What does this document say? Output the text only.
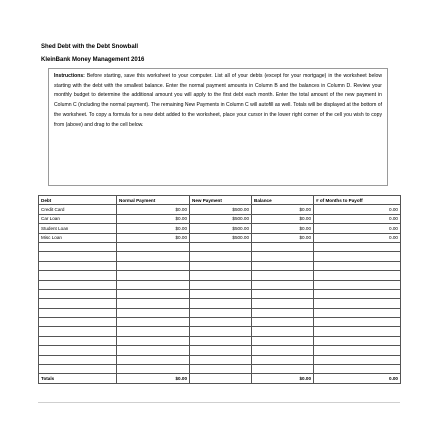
Shed Debt with the Debt Snowball
KleinBank Money Management 2016
Instructions: Before starting, save this worksheet to your computer. List all of your debts (except for your mortgage) in the worksheet below starting with the debt with the smallest balance. Enter the normal payment amounts in Column B and the balances in Column D. Review your monthly budget to determine the additional amount you will apply to the first debt each month. Enter the total amount of the new payment in Column C (including the normal payment). The remaining New Payments in Column C will autofill as well. Totals will be displayed at the bottom of the worksheet. To copy a formula for a new debt added to the worksheet, place your cursor in the lower right corner of the cell you wish to copy from (above) and drag to the cell below.
Debt	Normal Payment	New Payment	Balance	# of Months to Payoff
Credit Card	$0.00	$500.00	$0.00	0.00
Car Loan	$0.00	$500.00	$0.00	0.00
Student Loan	$0.00	$500.00	$0.00	0.00
Misc Loan	$0.00	$500.00	$0.00	0.00

Totals	$0.00		$0.00	0.00
